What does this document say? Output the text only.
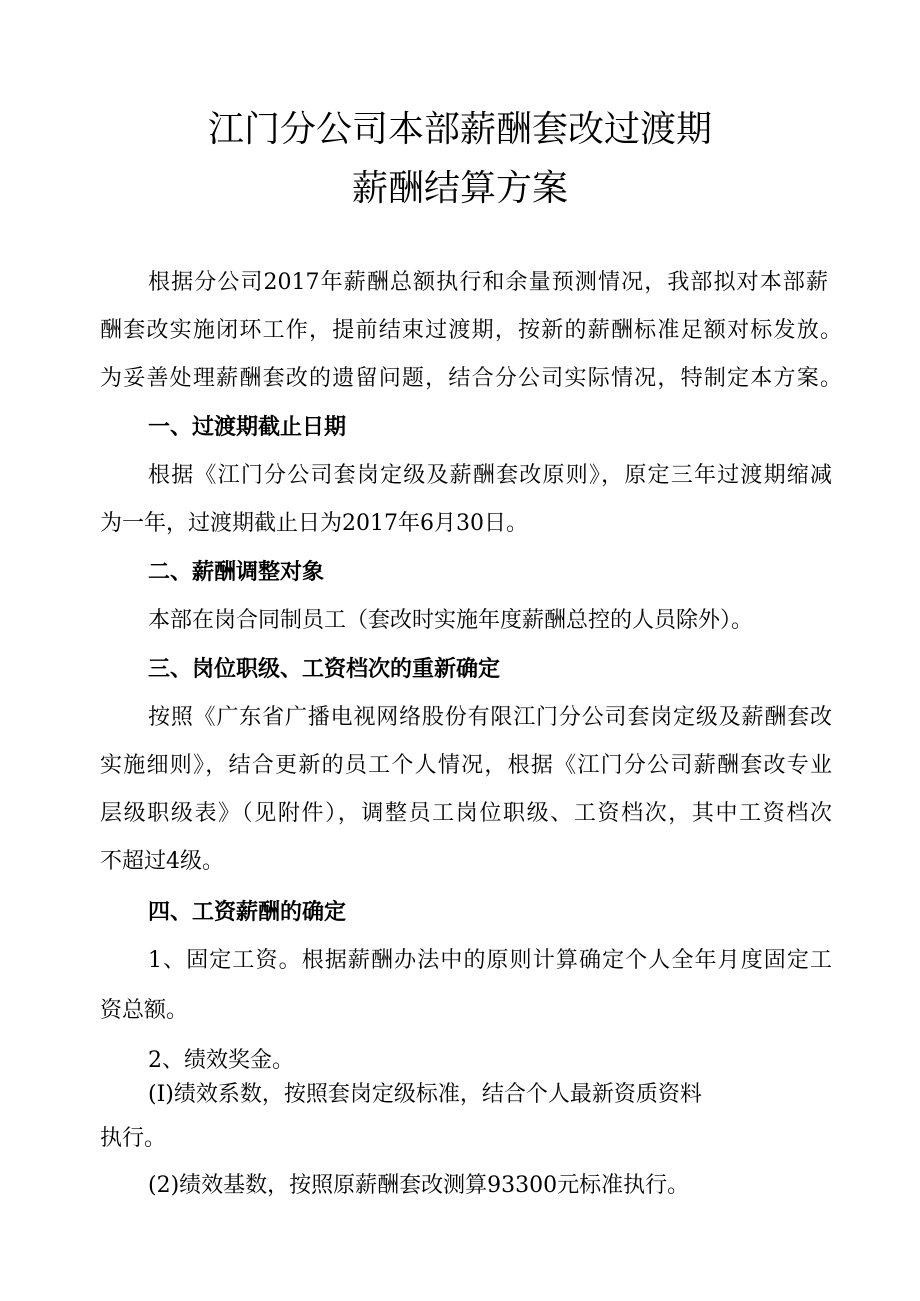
江门分公司本部薪酬套改过渡期
薪酬结算方案
根据分公司2017年薪酬总额执行和余量预测情况，我部拟对本部薪
酬套改实施闭环工作，提前结束过渡期，按新的薪酬标准足额对标发放。
为妥善处理薪酬套改的遗留问题，结合分公司实际情况，特制定本方案。
一、过渡期截止日期
根据《江门分公司套岗定级及薪酬套改原则》，原定三年过渡期缩减
为一年，过渡期截止日为2017年6月30日。
二、薪酬调整对象
本部在岗合同制员工（套改时实施年度薪酬总控的人员除外）。
三、岗位职级、工资档次的重新确定
按照《广东省广播电视网络股份有限江门分公司套岗定级及薪酬套改
实施细则》，结合更新的员工个人情况，根据《江门分公司薪酬套改专业
层级职级表》（见附件），调整员工岗位职级、工资档次，其中工资档次
不超过4级。
四、工资薪酬的确定
1、固定工资。根据薪酬办法中的原则计算确定个人全年月度固定工
资总额。
2、绩效奖金。
(I)绩效系数，按照套岗定级标准，结合个人最新资质资料
执行。
(2)绩效基数，按照原薪酬套改测算93300元标准执行。
